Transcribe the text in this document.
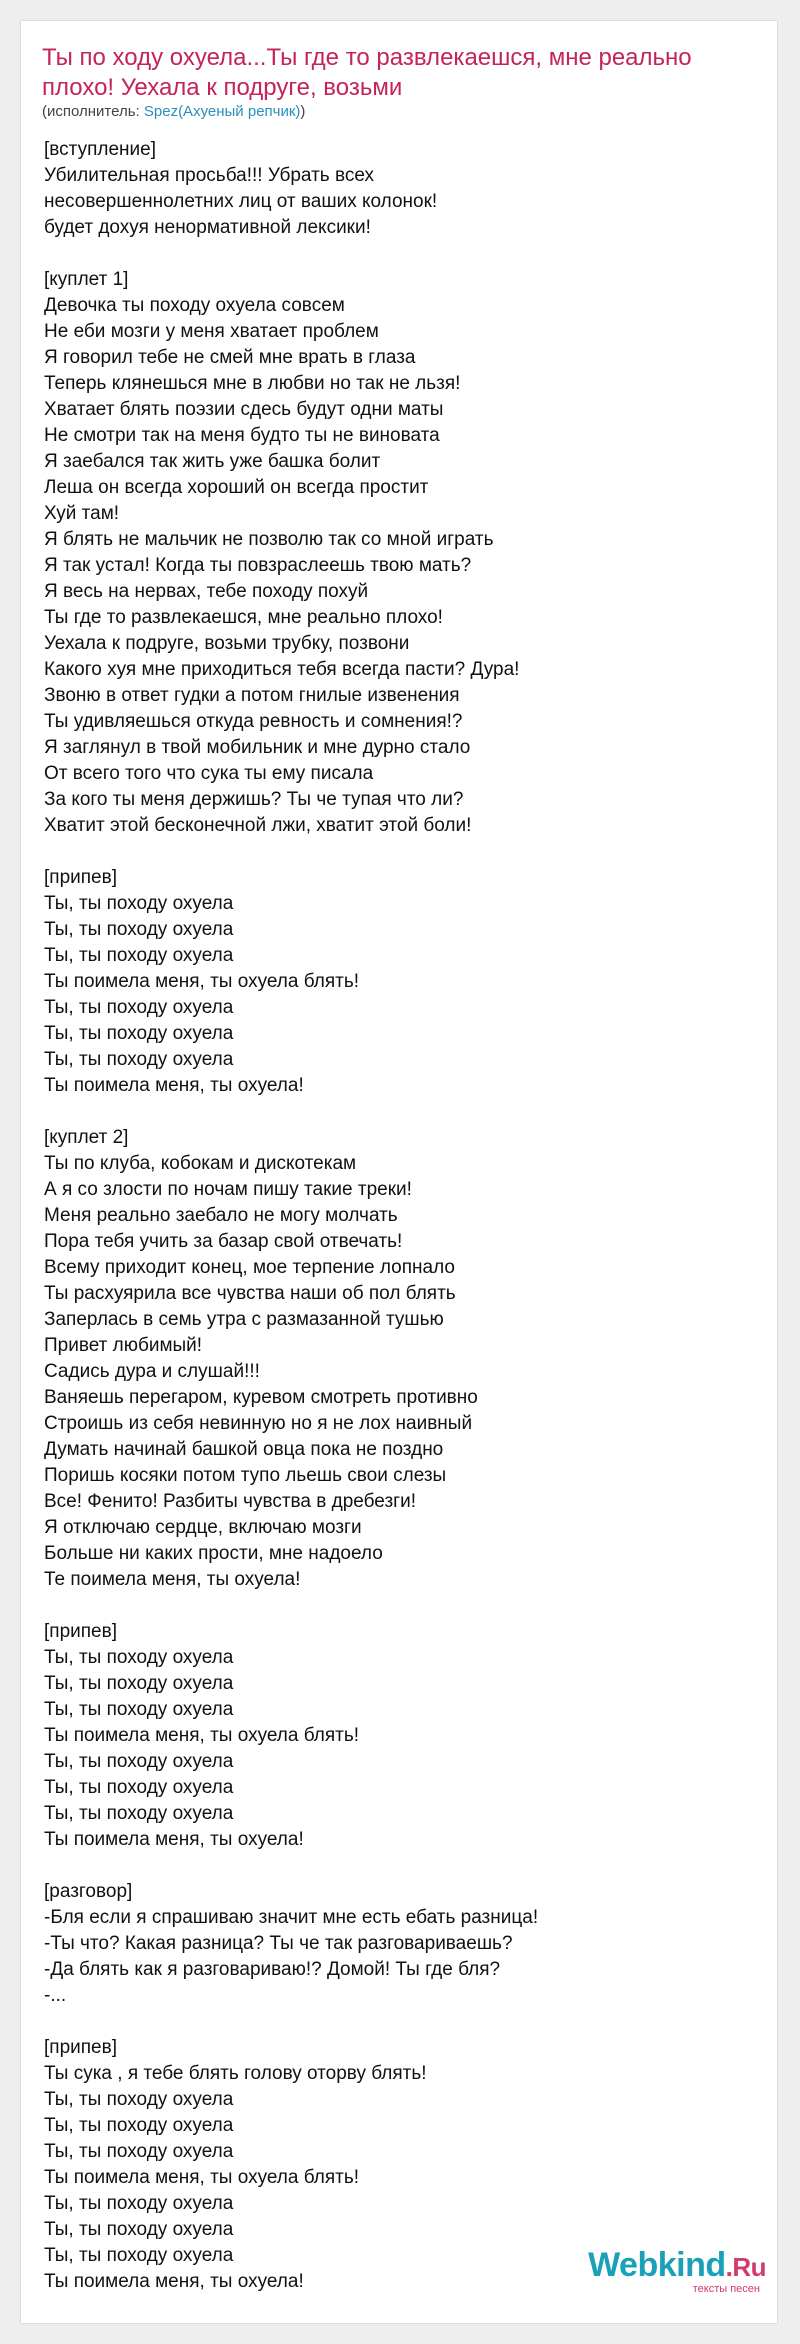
Ты по ходу охуела...Ты где то развлекаешся, мне реально плохо! Уехала к подруге, возьми
(исполнитель: Spez(Ахуеный репчик))
[вступление]
Убилительная просьба!!! Убрать всех
несовершеннолетних лиц от ваших колонок!
будет дохуя ненормативной лексики!
[куплет 1]
Девочка ты походу охуела совсем
Не еби мозги у меня хватает проблем
Я говорил тебе не смей мне врать в глаза
Теперь клянешься мне в любви но так не льзя!
Хватает блять поэзии сдесь будут одни маты
Не смотри так на меня будто ты не виновата
Я заебался так жить уже башка болит
Леша он всегда хороший он всегда простит
Хуй там!
Я блять не мальчик не позволю так со мной играть
Я так устал! Когда ты повзраслеешь твою мать?
Я весь на нервах, тебе походу похуй
Ты где то развлекаешся, мне реально плохо!
Уехала к подруге, возьми трубку, позвони
Какого хуя мне приходиться тебя всегда пасти? Дура!
Звоню в ответ гудки а потом гнилые извенения
Ты удивляешься откуда ревность и сомнения!?
Я заглянул в твой мобильник и мне дурно стало
От всего того что сука ты ему писала
За кого ты меня держишь? Ты че тупая что ли?
Хватит этой бесконечной лжи, хватит этой боли!
[припев]
Ты, ты походу охуела
Ты, ты походу охуела
Ты, ты походу охуела
Ты поимела меня, ты охуела блять!
Ты, ты походу охуела
Ты, ты походу охуела
Ты, ты походу охуела
Ты поимела меня, ты охуела!
[куплет 2]
Ты по клуба, кобокам и дискотекам
А я со злости по ночам пишу такие треки!
Меня реально заебало не могу молчать
Пора тебя учить за базар свой отвечать!
Всему приходит конец, мое терпение лопнало
Ты расхуярила все чувства наши об пол блять
Заперлась в семь утра с размазанной тушью
Привет любимый!
Садись дура и слушай!!!
Ваняешь перегаром, куревом смотреть противно
Строишь из себя невинную но я не лох наивный
Думать начинай башкой овца пока не поздно
Поришь косяки потом тупо льешь свои слезы
Все! Фенито! Разбиты чувства в дребезги!
Я отключаю сердце, включаю мозги
Больше ни каких прости, мне надоело
Те поимела меня, ты охуела!
[припев]
Ты, ты походу охуела
Ты, ты походу охуела
Ты, ты походу охуела
Ты поимела меня, ты охуела блять!
Ты, ты походу охуела
Ты, ты походу охуела
Ты, ты походу охуела
Ты поимела меня, ты охуела!
[разговор]
-Бля если я спрашиваю значит мне есть ебать разница!
-Ты что? Какая разница? Ты че так разговариваешь?
-Да блять как я разговариваю!? Домой! Ты где бля?
-...
[припев]
Ты сука , я тебе блять голову оторву блять!
Ты, ты походу охуела
Ты, ты походу охуела
Ты, ты походу охуела
Ты поимела меня, ты охуела блять!
Ты, ты походу охуела
Ты, ты походу охуела
Ты, ты походу охуела
Ты поимела меня, ты охуела!	Webkind.Ru
тексты песен
